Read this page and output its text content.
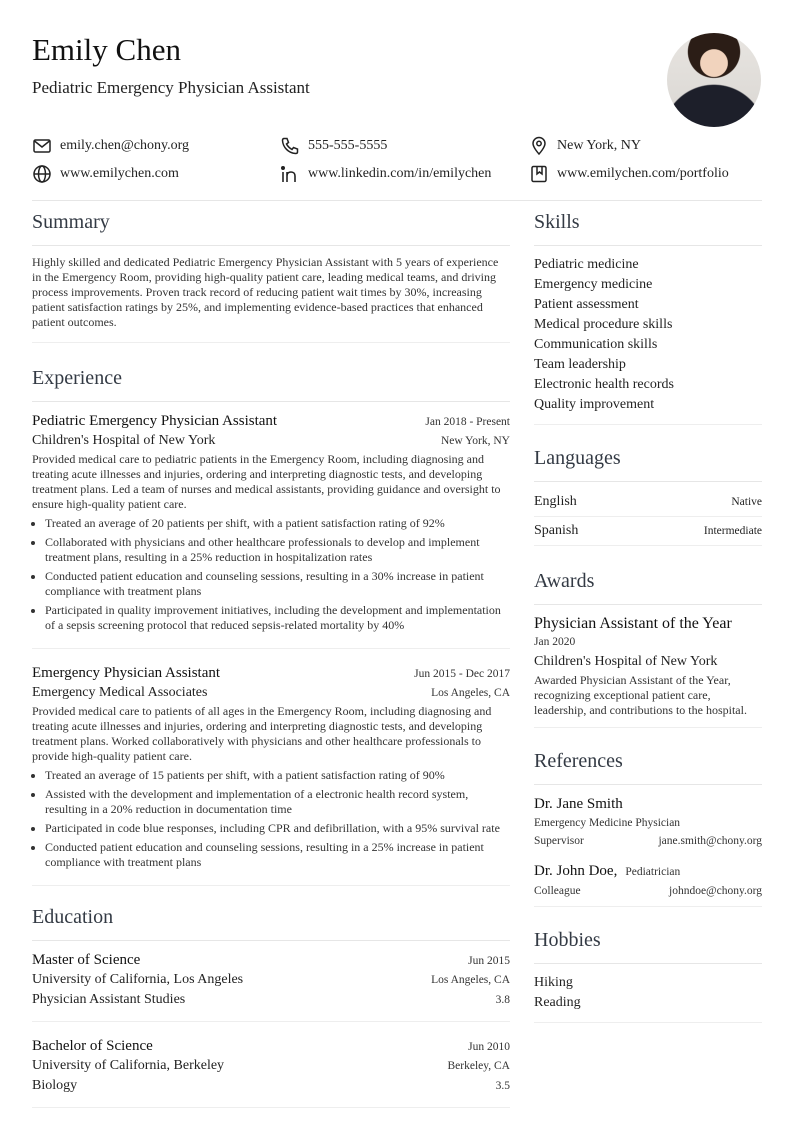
Emily Chen
Pediatric Emergency Physician Assistant
emily.chen@chony.org	555-555-5555	New York, NY
www.emilychen.com	www.linkedin.com/in/emilychen	www.emilychen.com/portfolio
Summary
Highly skilled and dedicated Pediatric Emergency Physician Assistant with 5 years of experience in the Emergency Room, providing high-quality patient care, leading medical teams, and driving process improvements. Proven track record of reducing patient wait times by 30%, increasing patient satisfaction ratings by 25%, and implementing evidence-based practices that enhanced patient outcomes.
Experience
Pediatric Emergency Physician Assistant	Jan 2018 - Present
Children's Hospital of New York	New York, NY
Provided medical care to pediatric patients in the Emergency Room, including diagnosing and treating acute illnesses and injuries, ordering and interpreting diagnostic tests, and developing treatment plans. Led a team of nurses and medical assistants, providing guidance and oversight to ensure high-quality patient care.
• Treated an average of 20 patients per shift, with a patient satisfaction rating of 92%
• Collaborated with physicians and other healthcare professionals to develop and implement treatment plans, resulting in a 25% reduction in hospitalization rates
• Conducted patient education and counseling sessions, resulting in a 30% increase in patient compliance with treatment plans
• Participated in quality improvement initiatives, including the development and implementation of a sepsis screening protocol that reduced sepsis-related mortality by 40%
Emergency Physician Assistant	Jun 2015 - Dec 2017
Emergency Medical Associates	Los Angeles, CA
Provided medical care to patients of all ages in the Emergency Room, including diagnosing and treating acute illnesses and injuries, ordering and interpreting diagnostic tests, and developing treatment plans. Worked collaboratively with physicians and other healthcare professionals to provide high-quality patient care.
• Treated an average of 15 patients per shift, with a patient satisfaction rating of 90%
• Assisted with the development and implementation of a electronic health record system, resulting in a 20% reduction in documentation time
• Participated in code blue responses, including CPR and defibrillation, with a 95% survival rate
• Conducted patient education and counseling sessions, resulting in a 25% increase in patient compliance with treatment plans
Education
Master of Science	Jun 2015
University of California, Los Angeles	Los Angeles, CA
Physician Assistant Studies	3.8
Bachelor of Science	Jun 2010
University of California, Berkeley	Berkeley, CA
Biology	3.5
Skills
Pediatric medicine
Emergency medicine
Patient assessment
Medical procedure skills
Communication skills
Team leadership
Electronic health records
Quality improvement
Languages
English	Native
Spanish	Intermediate
Awards
Physician Assistant of the Year
Jan 2020
Children's Hospital of New York
Awarded Physician Assistant of the Year, recognizing exceptional patient care, leadership, and contributions to the hospital.
References
Dr. Jane Smith
Emergency Medicine Physician
Supervisor	jane.smith@chony.org
Dr. John Doe, Pediatrician
Colleague	johndoe@chony.org
Hobbies
Hiking
Reading
